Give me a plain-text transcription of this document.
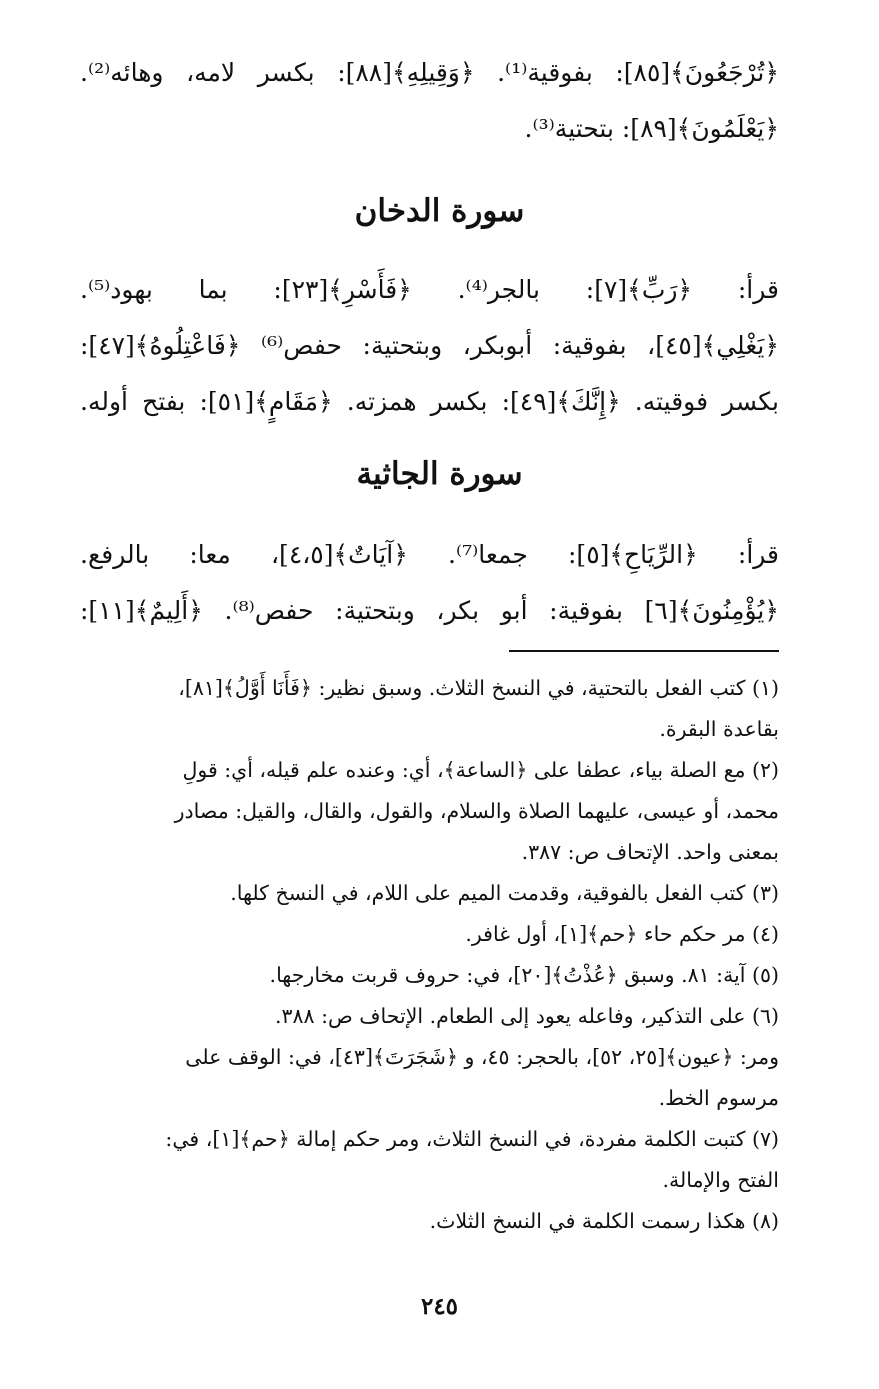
﴿تُرْجَعُونَ﴾[٨٥]: بفوقية⁽¹⁾. ﴿وَقِيلِهِ﴾[٨٨]: بكسر لامه، وهائه⁽²⁾.
﴿يَعْلَمُونَ﴾[٨٩]: بتحتية⁽³⁾.
سورة الدخان
قرأ: ﴿رَبِّ﴾[٧]: بالجر⁽⁴⁾. ﴿فَأَسْرِ﴾[٢٣]: بما بهود⁽⁵⁾.
﴿يَغْلِي﴾[٤٥]، بفوقية: أبوبكر، وبتحتية: حفص⁽⁶⁾ ﴿فَاعْتِلُوهُ﴾[٤٧]:
بكسر فوقيته. ﴿إِنَّكَ﴾[٤٩]: بكسر همزته. ﴿مَقَامٍ﴾[٥١]: بفتح أوله.
سورة الجاثية
قرأ: ﴿الرِّيَاحِ﴾[٥]: جمعا⁽⁷⁾. ﴿آيَاتٌ﴾[٤،٥]، معا: بالرفع.
﴿يُؤْمِنُونَ﴾[٦] بفوقية: أبو بكر، وبتحتية: حفص⁽⁸⁾. ﴿أَلِيمٌ﴾[١١]:
(١) كتب الفعل بالتحتية، في النسخ الثلاث. وسبق نظير: ﴿فَأَنَا أَوَّلُ﴾[٨١]،
بقاعدة البقرة.
(٢) مع الصلة بياء، عطفا على ﴿الساعة﴾، أي: وعنده علم قيله، أي: قولِ
محمد، أو عيسى، عليهما الصلاة والسلام، والقول، والقال، والقيل: مصادر
بمعنى واحد. الإتحاف ص: ٣٨٧.
(٣) كتب الفعل بالفوقية، وقدمت الميم على اللام، في النسخ كلها.
(٤) مر حكم حاء ﴿حم﴾[١]، أول غافر.
(٥) آية: ٨١. وسبق ﴿عُذْتُ﴾[٢٠]، في: حروف قربت مخارجها.
(٦) على التذكير، وفاعله يعود إلى الطعام. الإتحاف ص: ٣٨٨.
ومر: ﴿عيون﴾[٢٥، ٥٢]، بالحجر: ٤٥، و ﴿شَجَرَتَ﴾[٤٣]، في: الوقف على
مرسوم الخط.
(٧) كتبت الكلمة مفردة، في النسخ الثلاث، ومر حكم إمالة ﴿حم﴾[١]، في:
الفتح والإمالة.
(٨) هكذا رسمت الكلمة في النسخ الثلاث.
٢٤٥
